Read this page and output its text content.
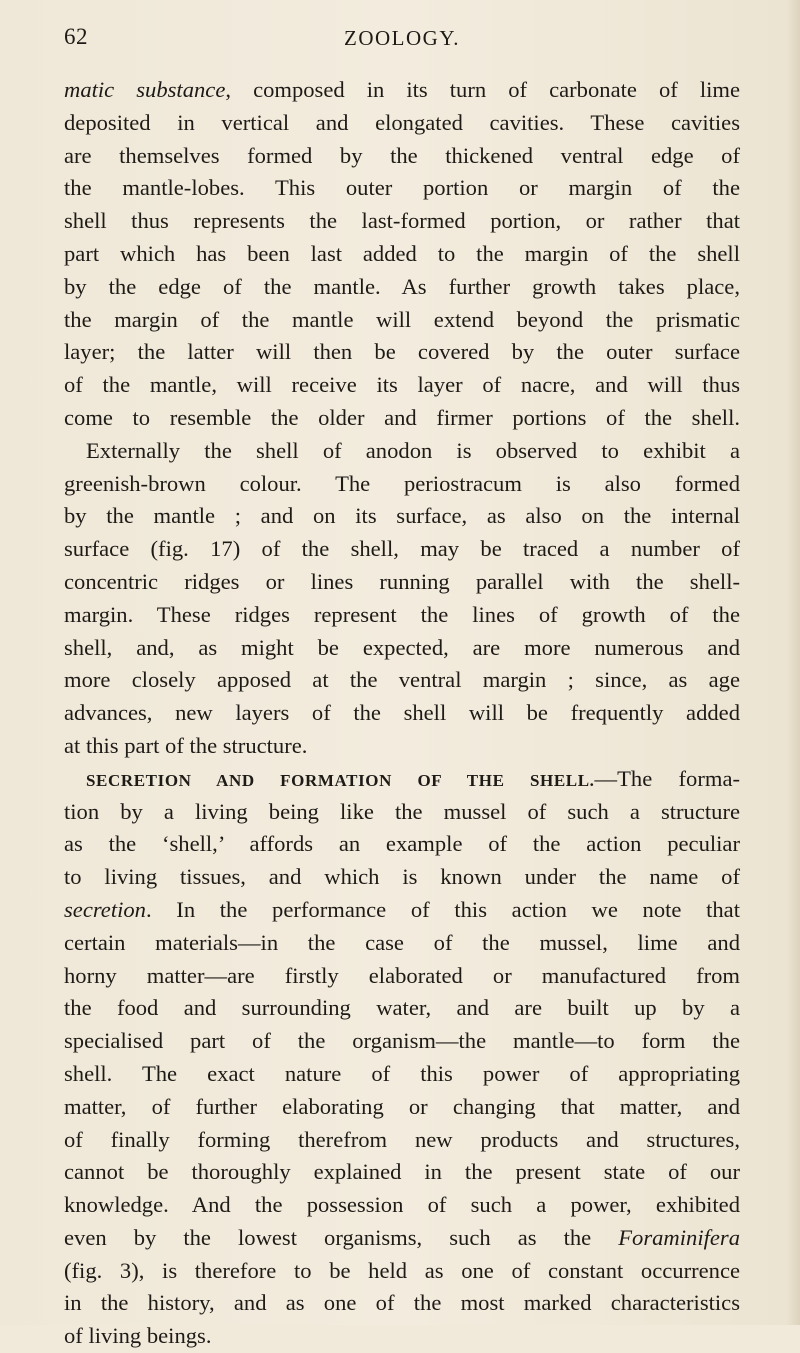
62	ZOOLOGY.
matic substance, composed in its turn of carbonate of lime
deposited in vertical and elongated cavities. These cavities
are themselves formed by the thickened ventral edge of
the mantle-lobes. This outer portion or margin of the
shell thus represents the last-formed portion, or rather that
part which has been last added to the margin of the shell
by the edge of the mantle. As further growth takes place,
the margin of the mantle will extend beyond the prismatic
layer; the latter will then be covered by the outer surface
of the mantle, will receive its layer of nacre, and will thus
come to resemble the older and firmer portions of the shell.
Externally the shell of anodon is observed to exhibit a
greenish-brown colour. The periostracum is also formed
by the mantle ; and on its surface, as also on the internal
surface (fig. 17) of the shell, may be traced a number of
concentric ridges or lines running parallel with the shell-
margin. These ridges represent the lines of growth of the
shell, and, as might be expected, are more numerous and
more closely apposed at the ventral margin ; since, as age
advances, new layers of the shell will be frequently added
at this part of the structure.
SECRETION AND FORMATION OF THE SHELL.—The forma-
tion by a living being like the mussel of such a structure
as the ‘shell,’ affords an example of the action peculiar
to living tissues, and which is known under the name of
secretion. In the performance of this action we note that
certain materials—in the case of the mussel, lime and
horny matter—are firstly elaborated or manufactured from
the food and surrounding water, and are built up by a
specialised part of the organism—the mantle—to form the
shell. The exact nature of this power of appropriating
matter, of further elaborating or changing that matter, and
of finally forming therefrom new products and structures,
cannot be thoroughly explained in the present state of our
knowledge. And the possession of such a power, exhibited
even by the lowest organisms, such as the Foraminifera
(fig. 3), is therefore to be held as one of constant occurrence
in the history, and as one of the most marked characteristics
of living beings.
